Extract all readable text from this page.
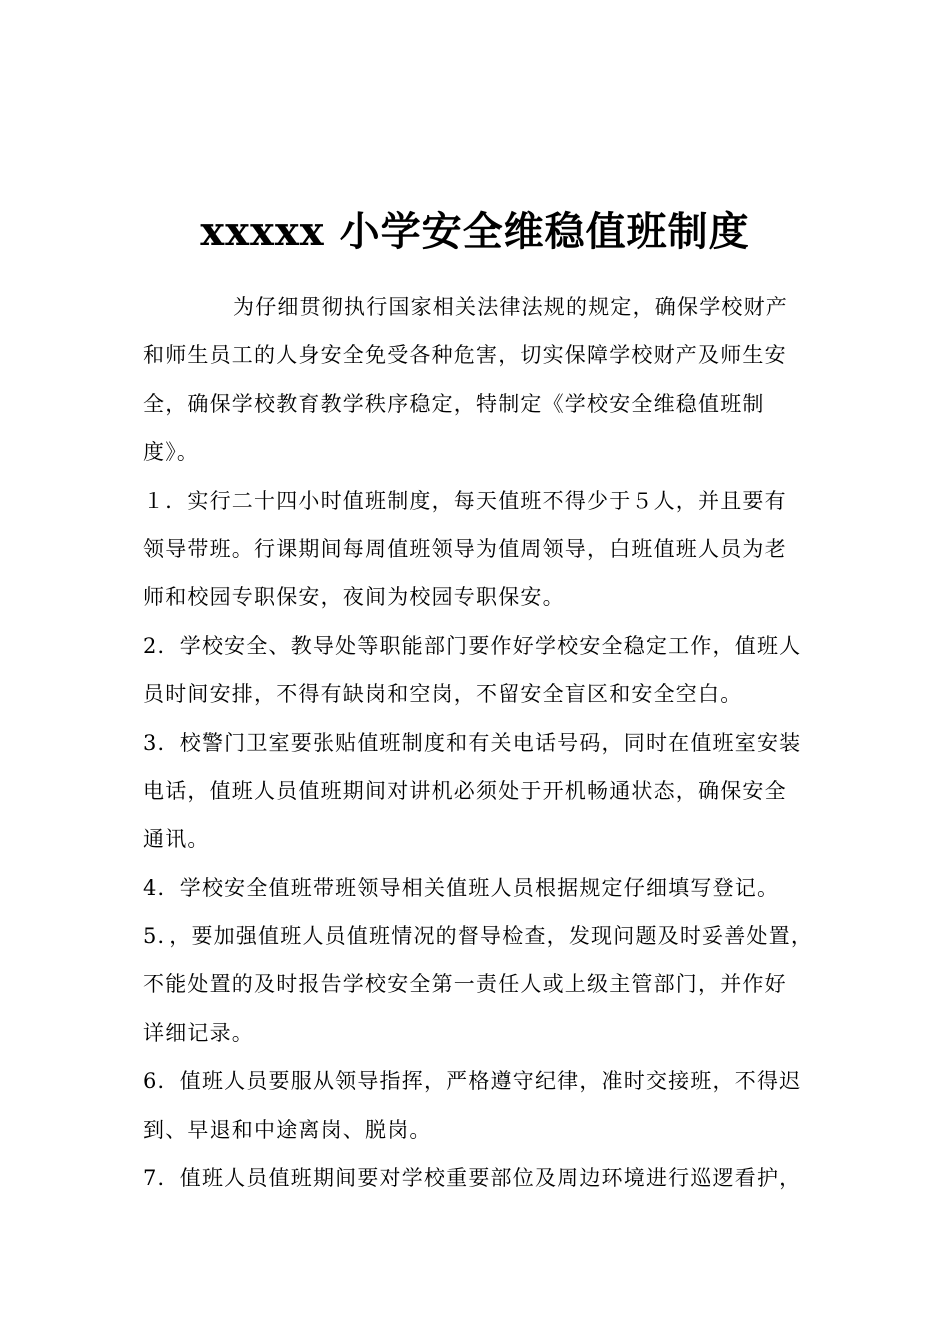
xxxxx 小学安全维稳值班制度
为仔细贯彻执行国家相关法律法规的规定，确保学校财产
和师生员工的人身安全免受各种危害，切实保障学校财产及师生安
全，确保学校教育教学秩序稳定，特制定《学校安全维稳值班制
度》。
１．实行二十四小时值班制度，每天值班不得少于５人，并且要有
领导带班。行课期间每周值班领导为值周领导，白班值班人员为老
师和校园专职保安，夜间为校园专职保安。
2．学校安全、教导处等职能部门要作好学校安全稳定工作，值班人
员时间安排，不得有缺岗和空岗，不留安全盲区和安全空白。
3．校警门卫室要张贴值班制度和有关电话号码，同时在值班室安装
电话，值班人员值班期间对讲机必须处于开机畅通状态，确保安全
通讯。
4．学校安全值班带班领导相关值班人员根据规定仔细填写登记。
5．，要加强值班人员值班情况的督导检查，发现问题及时妥善处置，
不能处置的及时报告学校安全第一责任人或上级主管部门，并作好
详细记录。
6．值班人员要服从领导指挥，严格遵守纪律，准时交接班，不得迟
到、早退和中途离岗、脱岗。
7．值班人员值班期间要对学校重要部位及周边环境进行巡逻看护，
